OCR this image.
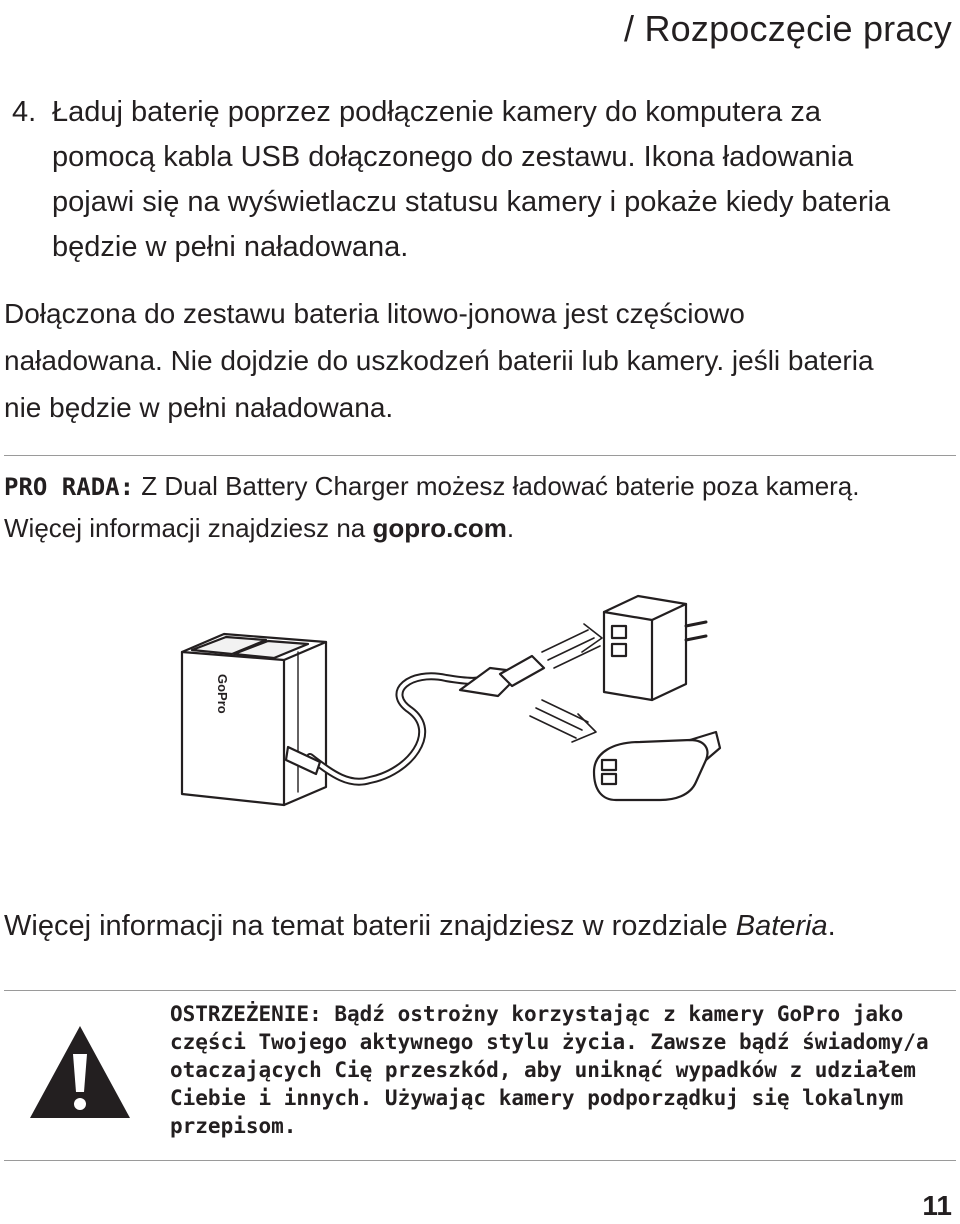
/ Rozpoczęcie pracy
4. Ładuj baterię poprzez podłączenie kamery do komputera za
pomocą kabla USB dołączonego do zestawu. Ikona ładowania
pojawi się na wyświetlaczu statusu kamery i pokaże kiedy bateria
będzie w pełni naładowana.
Dołączona do zestawu bateria litowo-jonowa jest częściowo
naładowana. Nie dojdzie do uszkodzeń baterii lub kamery. jeśli bateria
nie będzie w pełni naładowana.
PRO RADA: Z Dual Battery Charger możesz ładować baterie poza kamerą.
Więcej informacji znajdziesz na gopro.com.
GoPro
Więcej informacji na temat baterii znajdziesz w rozdziale Bateria.
OSTRZEŻENIE: Bądź ostrożny korzystając z kamery GoPro jako
części Twojego aktywnego stylu życia. Zawsze bądź świadomy/a
otaczających Cię przeszkód, aby uniknąć wypadków z udziałem
Ciebie i innych. Używając kamery podporządkuj się lokalnym
przepisom.
11
